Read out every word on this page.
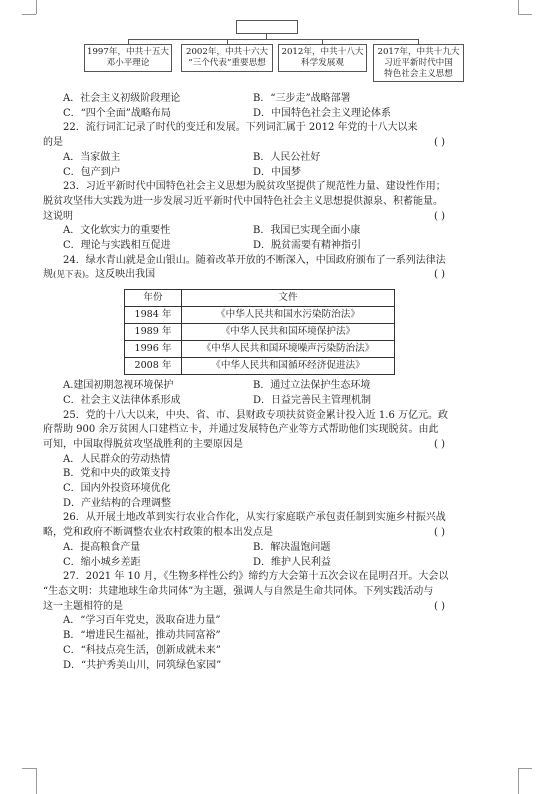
1997年，中共十五大
邓小平理论
2002年，中共十六大
“三个代表”重要思想
2012年，中共十八大
科学发展观
2017年，中共十九大
习近平新时代中国
特色社会主义思想
A．社会主义初级阶段理论	B．“三步走”战略部署
C．“四个全面”战略布局	D．中国特色社会主义理论体系

22．流行词汇记录了时代的变迁和发展。下列词汇属于 2012 年党的十八大以来

的是	( )

A．当家做主	B．人民公社好
C．包产到户	D．中国梦

23．习近平新时代中国特色社会主义思想为脱贫攻坚提供了规范性力量、建设性作用；

脱贫攻坚伟大实践为进一步发展习近平新时代中国特色社会主义思想提供源泉、积蓄能量。

这说明	( )

A．文化软实力的重要性	B．我国已实现全面小康
C．理论与实践相互促进	D．脱贫需要有精神指引

24．绿水青山就是金山银山。随着改革开放的不断深入，中国政府颁布了一系列法律法

规(见下表)。这反映出我国	( )

年份	文件
1984 年	《中华人民共和国水污染防治法》
1989 年	《中华人民共和国环境保护法》
1996 年	《中华人民共和国环境噪声污染防治法》
2008 年	《中华人民共和国循环经济促进法》
A.建国初期忽视环境保护	B．通过立法保护生态环境
C．社会主义法律体系形成	D．日益完善民主管理机制

25．党的十八大以来，中央、省、市、县财政专项扶贫资金累计投入近 1.6 万亿元。政

府帮助 900 余万贫困人口建档立卡，并通过发展特色产业等方式帮助他们实现脱贫。由此

可知，中国取得脱贫攻坚战胜利的主要原因是	( )

A．人民群众的劳动热情

B．党和中央的政策支持

C．国内外投资环境优化

D．产业结构的合理调整

26．从开展土地改革到实行农业合作化，从实行家庭联产承包责任制到实施乡村振兴战

略，党和政府不断调整农业农村政策的根本出发点是	( )

A．提高粮食产量	B．解决温饱问题
C．缩小城乡差距	D．维护人民利益

27．2021 年 10 月，《生物多样性公约》缔约方大会第十五次会议在昆明召开。大会以

“生态文明：共建地球生命共同体”为主题，强调人与自然是生命共同体。下列实践活动与

这一主题相符的是	( )

A．“学习百年党史，汲取奋进力量”

B．“增进民生福祉，推动共同富裕”

C．“科技点亮生活，创新成就未来”

D．“共护秀美山川，同筑绿色家园”
